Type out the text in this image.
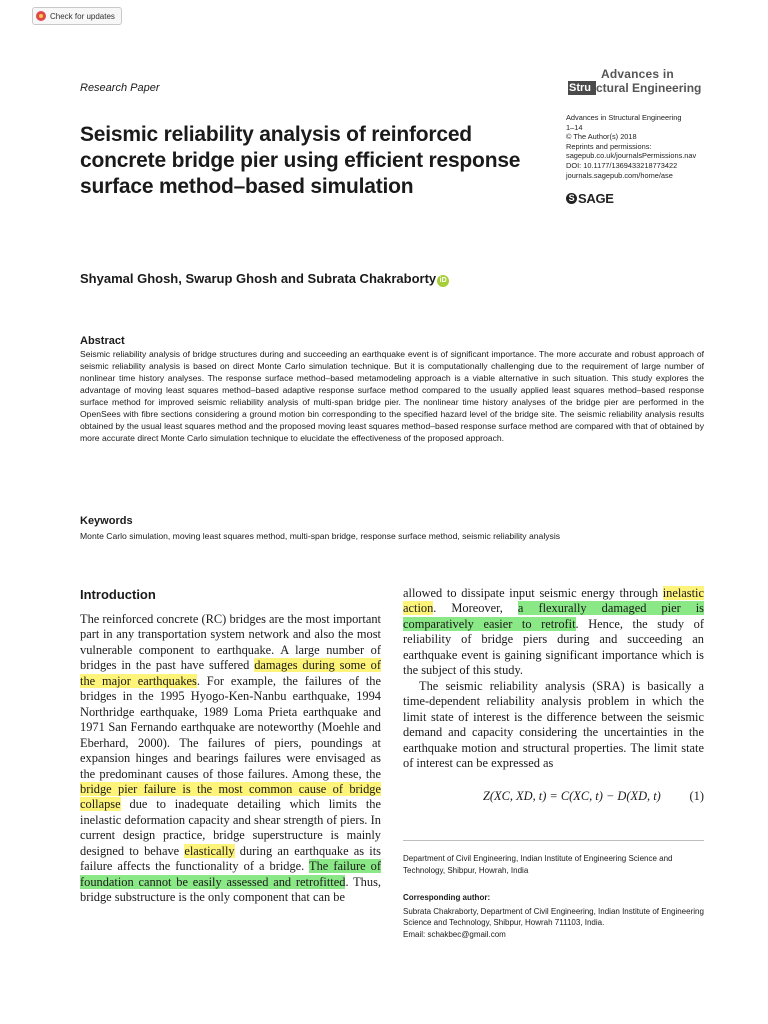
Check for updates
Research Paper
Advances in
Stru ctural Engineering
Seismic reliability analysis of reinforced concrete bridge pier using efficient response surface method–based simulation
Advances in Structural Engineering
1–14
© The Author(s) 2018
Reprints and permissions:
sagepub.co.uk/journalsPermissions.nav
DOI: 10.1177/1369433218773422
journals.sagepub.com/home/ase
S SAGE
Shyamal Ghosh, Swarup Ghosh and Subrata Chakraborty iD
Abstract
Seismic reliability analysis of bridge structures during and succeeding an earthquake event is of significant importance. The more accurate and robust approach of seismic reliability analysis is based on direct Monte Carlo simulation technique. But it is computationally challenging due to the requirement of large number of nonlinear time history analyses. The response surface method–based metamodeling approach is a viable alternative in such situation. This study explores the advantage of moving least squares method–based adaptive response surface method compared to the usually applied least squares method–based response surface method for improved seismic reliability analysis of multi-span bridge pier. The nonlinear time history analyses of the bridge pier are performed in the OpenSees with fibre sections considering a ground motion bin corresponding to the specified hazard level of the bridge site. The seismic reliability analysis results obtained by the usual least squares method and the proposed moving least squares method–based response surface method are compared with that of obtained by more accurate direct Monte Carlo simulation technique to elucidate the effectiveness of the proposed approach.
Keywords
Monte Carlo simulation, moving least squares method, multi-span bridge, response surface method, seismic reliability analysis
Introduction
The reinforced concrete (RC) bridges are the most important part in any transportation system network and also the most vulnerable component to earthquake. A large number of bridges in the past have suffered damages during some of the major earthquakes. For example, the failures of the bridges in the 1995 Hyogo-Ken-Nanbu earthquake, 1994 Northridge earthquake, 1989 Loma Prieta earthquake and 1971 San Fernando earthquake are noteworthy (Moehle and Eberhard, 2000). The failures of piers, poundings at expansion hinges and bearings failures were envisaged as the predominant causes of those failures. Among these, the bridge pier failure is the most common cause of bridge collapse due to inadequate detailing which limits the inelastic deformation capacity and shear strength of piers. In current design practice, bridge superstructure is mainly designed to behave elastically during an earthquake as its failure affects the functionality of a bridge. The failure of foundation cannot be easily assessed and retrofitted. Thus, bridge substructure is the only component that can be
allowed to dissipate input seismic energy through inelastic action. Moreover, a flexurally damaged pier is comparatively easier to retrofit. Hence, the study of reliability of bridge piers during and succeeding an earthquake event is gaining significant importance which is the subject of this study.
The seismic reliability analysis (SRA) is basically a time-dependent reliability analysis problem in which the limit state of interest is the difference between the seismic demand and capacity considering the uncertainties in the earthquake motion and structural properties. The limit state of interest can be expressed as
Z(XC, XD, t) = C(XC, t) − D(XD, t) (1)
Department of Civil Engineering, Indian Institute of Engineering Science and Technology, Shibpur, Howrah, India
Corresponding author:
Subrata Chakraborty, Department of Civil Engineering, Indian Institute of Engineering Science and Technology, Shibpur, Howrah 711103, India.
Email: schakbec@gmail.com
